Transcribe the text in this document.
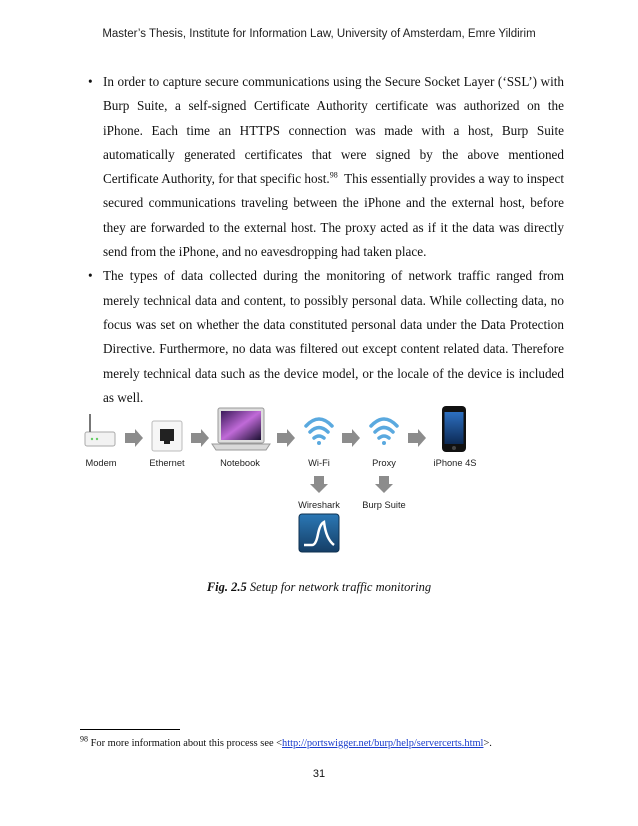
Master’s Thesis, Institute for Information Law, University of Amsterdam, Emre Yildirim
• In order to capture secure communications using the Secure Socket Layer (‘SSL’) with Burp Suite, a self-signed Certificate Authority certificate was authorized on the iPhone. Each time an HTTPS connection was made with a host, Burp Suite automatically generated certificates that were signed by the above mentioned Certificate Authority, for that specific host.$^{98}$  This essentially provides a way to inspect secured communications traveling between the iPhone and the external host, before they are forwarded to the external host. The proxy acted as if it the data was directly send from the iPhone, and no eavesdropping had taken place.
• The types of data collected during the monitoring of network traffic ranged from merely technical data and content, to possibly personal data. While collecting data, no focus was set on whether the data constituted personal data under the Data Protection Directive. Furthermore, no data was filtered out except content related data. Therefore merely technical data such as the device model, or the locale of the device is included as well.
Modem	Ethernet	Notebook	Wi-Fi	Proxy	iPhone 4S
Wireshark	Burp Suite
Fig. 2.5 Setup for network traffic monitoring
$^{98}$ For more information about this process see <http://portswigger.net/burp/help/servercerts.html>.
31
